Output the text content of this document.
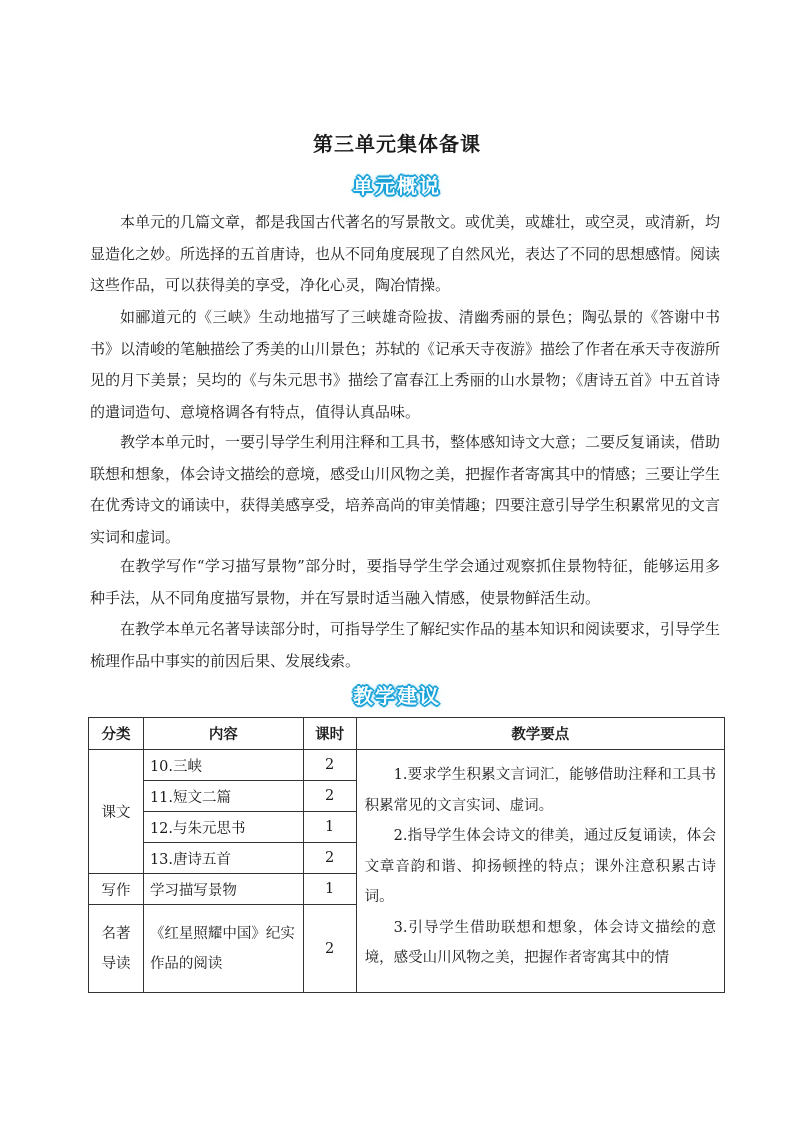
第三单元集体备课
单元概说

本单元的几篇文章，都是我国古代著名的写景散文。或优美，或雄壮，或空灵，或清新，均显造化之妙。所选择的五首唐诗，也从不同角度展现了自然风光，表达了不同的思想感情。阅读这些作品，可以获得美的享受，净化心灵，陶冶情操。

如郦道元的《三峡》生动地描写了三峡雄奇险拔、清幽秀丽的景色；陶弘景的《答谢中书书》以清峻的笔触描绘了秀美的山川景色；苏轼的《记承天寺夜游》描绘了作者在承天寺夜游所见的月下美景；吴均的《与朱元思书》描绘了富春江上秀丽的山水景物；《唐诗五首》中五首诗的遣词造句、意境格调各有特点，值得认真品味。

教学本单元时，一要引导学生利用注释和工具书，整体感知诗文大意；二要反复诵读，借助联想和想象，体会诗文描绘的意境，感受山川风物之美，把握作者寄寓其中的情感；三要让学生在优秀诗文的诵读中，获得美感享受，培养高尚的审美情趣；四要注意引导学生积累常见的文言实词和虚词。

在教学写作“学习描写景物”部分时，要指导学生学会通过观察抓住景物特征，能够运用多种手法，从不同角度描写景物，并在写景时适当融入情感，使景物鲜活生动。

在教学本单元名著导读部分时，可指导学生了解纪实作品的基本知识和阅读要求，引导学生梳理作品中事实的前因后果、发展线索。

教学建议
分类	内容	课时	教学要点
课文	10.三峡	2	1.要求学生积累文言词汇，能够借助注释和工具书积累常见的文言实词、虚词。

2.指导学生体会诗文的律美，通过反复诵读，体会文章音韵和谐、抑扬顿挫的特点；课外注意积累古诗词。

3.引导学生借助联想和想象，体会诗文描绘的意境，感受山川风物之美，把握作者寄寓其中的情

	11.短文二篇	2	
	12.与朱元思书	1	
	13.唐诗五首	2	
写作	学习描写景物	1	
名著导读	《红星照耀中国》纪实作品的阅读	2	
